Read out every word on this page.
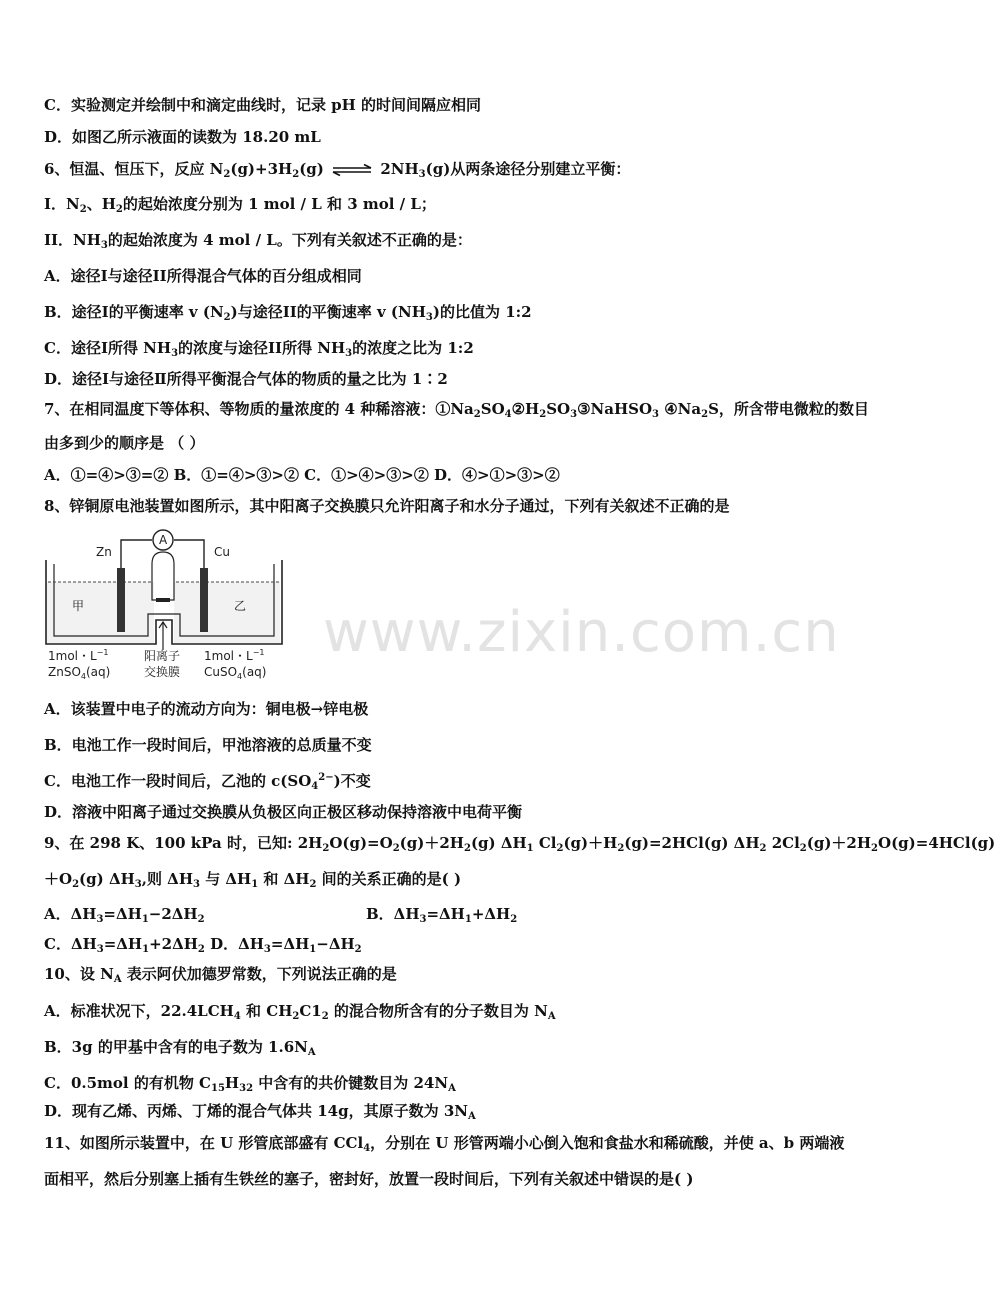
C．实验测定并绘制中和滴定曲线时，记录 pH 的时间间隔应相同
D．如图乙所示液面的读数为 18.20 mL
6、恒温、恒压下，反应 $N_2(g)+3H_2(g)$ ⇌ $2NH_3(g)$从两条途径分别建立平衡：
I．$N_2$、$H_2$的起始浓度分别为 1 mol / L 和 3 mol / L；
II．$NH_3$的起始浓度为 4 mol / L。下列有关叙述不正确的是：
A．途径I与途径II所得混合气体的百分组成相同
B．途径I的平衡速率 v $(N_2)$与途径II的平衡速率 v $(NH_3)$的比值为 1:2
C．途径I所得 $NH_3$的浓度与途径II所得 $NH_3$的浓度之比为 1:2
D．途径Ⅰ与途径Ⅱ所得平衡混合气体的物质的量之比为 1∶2
7、在相同温度下等体积、等物质的量浓度的 4 种稀溶液：$①Na_2SO_4②H_2SO_3③NaHSO_3$ $④Na_2S$，所含带电微粒的数目
由多到少的顺序是 （ ）
A．①=④>③=② B．①=④>③>② C．①>④>③>② D．④>①>③>②
8、锌铜原电池装置如图所示，其中阳离子交换膜只允许阳离子和水分子通过，下列有关叙述不正确的是
A
Zn	Cu
甲	乙
1mol・$L^{-1}$
ZnSO$_4$(aq)
阳离子
交换膜
1mol・$L^{-1}$
CuSO$_4$(aq)
www.zixin.com.cn
A．该装置中电子的流动方向为：铜电极→锌电极
B．电池工作一段时间后，甲池溶液的总质量不变
C．电池工作一段时间后，乙池的 $c(SO_4^{2-})$不变
D．溶液中阳离子通过交换膜从负极区向正极区移动保持溶液中电荷平衡
9、在 298 K、100 kPa 时，已知: $2H_2O(g)=O_2(g)+2H_2(g)$ $\Delta H_1$ $Cl_2(g)+H_2(g)=2HCl(g)$ $\Delta H_2$ $2Cl_2(g)+2H_2O(g)=4HCl(g)$
$+O_2(g)$ $\Delta H_3$,则 $\Delta H_3$ 与 $\Delta H_1$ 和 $\Delta H_2$ 间的关系正确的是( )
A．$\Delta H_3=\Delta H_1-2\Delta H_2$	B．$\Delta H_3=\Delta H_1+\Delta H_2$
C．$\Delta H_3=\Delta H_1+2\Delta H_2$ D．$\Delta H_3=\Delta H_1-\Delta H_2$
10、设 $N_A$ 表示阿伏加德罗常数，下列说法正确的是
A．标准状况下，$22.4LCH_4$ 和 $CH_2C1_2$ 的混合物所含有的分子数目为 $N_A$
B．3g 的甲基中含有的电子数为 $1.6N_A$
C．0.5mol 的有机物 $C_{15}H_{32}$ 中含有的共价键数目为 $24N_A$
D．现有乙烯、丙烯、丁烯的混合气体共 14g，其原子数为 $3N_A$
11、如图所示装置中，在 U 形管底部盛有 CCl$_4$，分别在 U 形管两端小心倒入饱和食盐水和稀硫酸，并使 a、b 两端液
面相平，然后分别塞上插有生铁丝的塞子，密封好，放置一段时间后，下列有关叙述中错误的是( )
